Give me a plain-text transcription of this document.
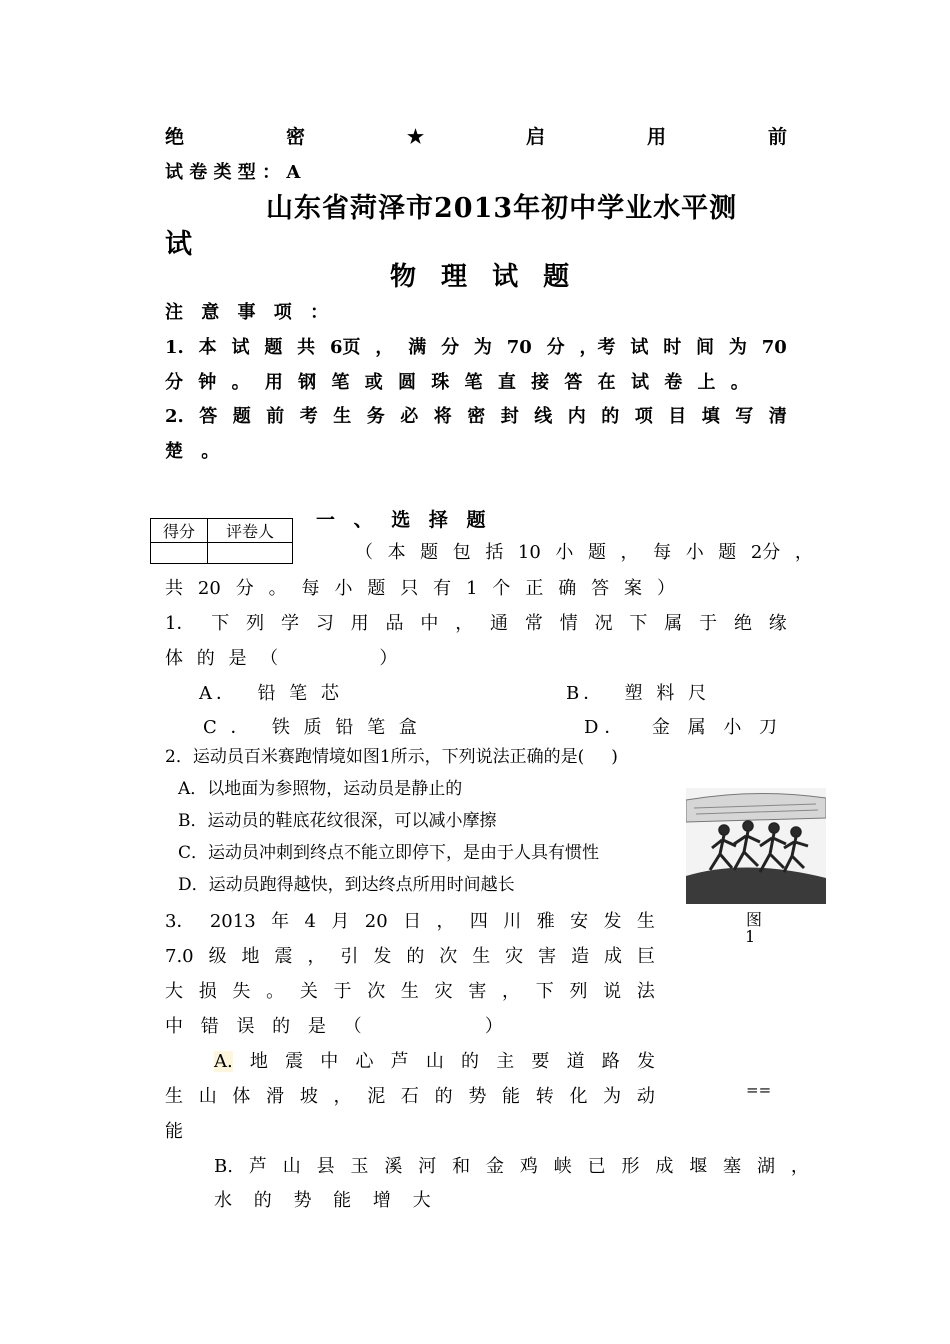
绝	密	★	启	用	前
试 卷 类 型 ： A
山东省菏泽市2013年初中学业水平测
试
物 理 试 题
注 意 事 项 ：
1. 本 试 题 共 6页 ， 满 分 为 70 分 ，考 试 时 间 为 70
分 钟 。 用 钢 笔 或 圆 珠 笔 直 接 答 在 试 卷 上 。
2. 答 题 前 考 生 务 必 将 密 封 线 内 的 项 目 填 写 清
楚 。
得分	评卷人

一 、 选 择 题
（ 本 题 包 括 10 小 题 ， 每 小 题 2分 ，
共 20 分 。 每 小 题 只 有 1 个 正 确 答 案 ）
1． 下 列 学 习 用 品 中 ， 通 常 情 况 下 属 于 绝 缘
体 的 是 （          ）
A．  铅 笔 芯	B．  塑 料 尺
C ．  铁 质 铅 笔 盒	D．  金 属 小 刀
2．运动员百米赛跑情境如图1所示，下列说法正确的是(     )
A．以地面为参照物，运动员是静止的
B．运动员的鞋底花纹很深，可以减小摩擦
C．运动员冲刺到终点不能立即停下，是由于人具有惯性
D．运动员跑得越快，到达终点所用时间越长
图
1
3． 2013 年 4 月 20 日 ， 四 川 雅 安 发 生
7.0 级 地 震 ， 引 发 的 次 生 灾 害 造 成 巨
大 损 失 。 关 于 次 生 灾 害 ， 下 列 说 法
中 错 误 的 是 （          ）
A. 地 震 中 心 芦 山 的 主 要 道 路 发
生 山 体 滑 坡 ， 泥 石 的 势 能 转 化 为 动
能
==
B. 芦 山 县 玉 溪 河 和 金 鸡 峡 已 形 成 堰 塞 湖 ，
水 的 势 能 增 大
